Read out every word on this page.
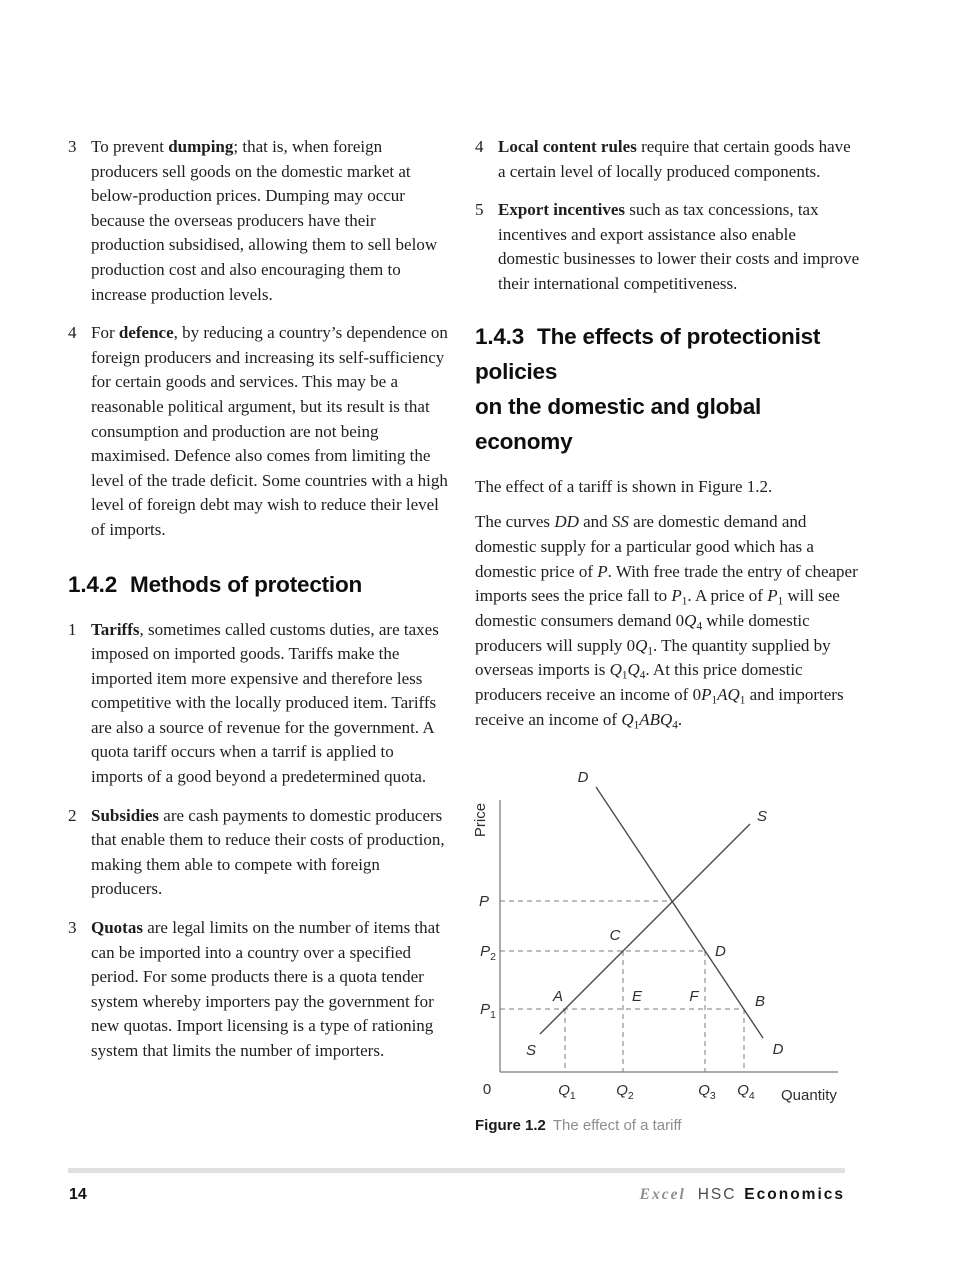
3 To prevent dumping; that is, when foreign producers sell goods on the domestic market at below-production prices. Dumping may occur because the overseas producers have their production subsidised, allowing them to sell below production cost and also encouraging them to increase production levels.
4 For defence, by reducing a country’s dependence on foreign producers and increasing its self-sufficiency for certain goods and services. This may be a reasonable political argument, but its result is that consumption and production are not being maximised. Defence also comes from limiting the level of the trade deficit. Some countries with a high level of foreign debt may wish to reduce their level of imports.
1.4.2 Methods of protection
1 Tariffs, sometimes called customs duties, are taxes imposed on imported goods. Tariffs make the imported item more expensive and therefore less competitive with the locally produced item. Tariffs are also a source of revenue for the government. A quota tariff occurs when a tarrif is applied to imports of a good beyond a predetermined quota.
2 Subsidies are cash payments to domestic producers that enable them to reduce their costs of production, making them able to compete with foreign producers.
3 Quotas are legal limits on the number of items that can be imported into a country over a specified period. For some products there is a quota tender system whereby importers pay the government for new quotas. Import licensing is a type of rationing system that limits the number of importers.
4 Local content rules require that certain goods have a certain level of locally produced components.
5 Export incentives such as tax concessions, tax incentives and export assistance also enable domestic businesses to lower their costs and improve their international competitiveness.
1.4.3 The effects of protectionist policies
on the domestic and global economy

The effect of a tariff is shown in Figure 1.2.

The curves DD and SS are domestic demand and domestic supply for a particular good which has a domestic price of P. With free trade the entry of cheaper imports sees the price fall to $P_1$. A price of $P_1$ will see domestic consumers demand $0Q_4$ while domestic producers will supply $0Q_1$. The quantity supplied by overseas imports is $Q_1Q_4$. At this price domestic producers receive an income of $0P_1AQ_1$ and importers receive an income of $Q_1ABQ_4$.

Price
Quantity
0
D
S
D
S	D
P
$P_2$
$P_1$
$Q_1$	$Q_2$	$Q_3$ $Q_4$
A	E	F	B
C
Figure 1.2 The effect of a tariff
14	Excel HSC Economics
